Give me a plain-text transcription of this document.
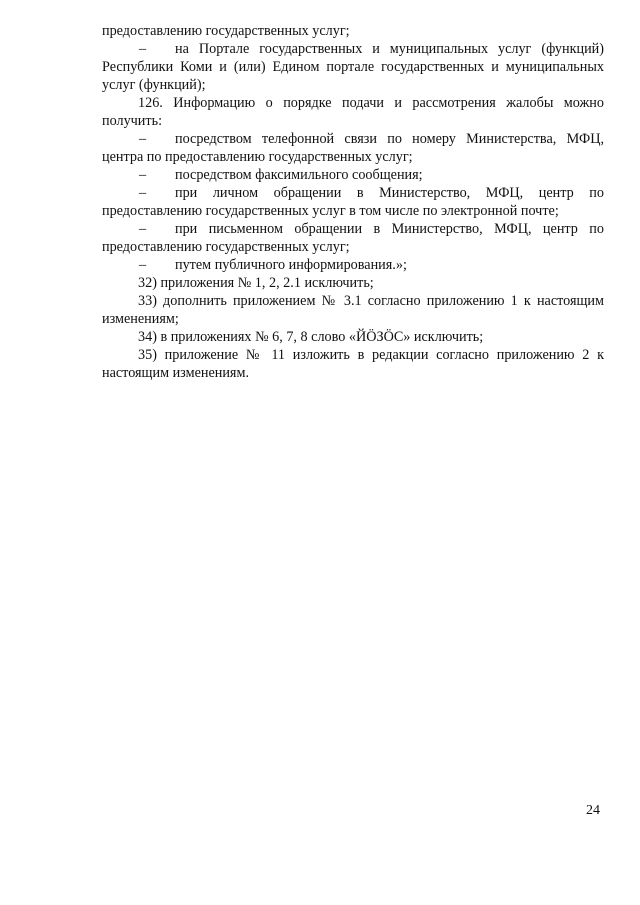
предоставлению государственных услуг;

– на Порталe государственных и муниципальных услуг (функций) Республики Коми и (или) Едином портале государственных и муниципальных услуг (функций);

126. Информацию о порядке подачи и рассмотрения жалобы можно получить:

– посредством телефонной связи по номеру Министерства, МФЦ, центра по предоставлению государственных услуг;

– посредством факсимильного сообщения;

– при личном обращении в Министерство, МФЦ, центр по предоставлению государственных услуг в том числе по электронной почте;

– при письменном обращении в Министерство, МФЦ, центр по предоставлению государственных услуг;

– путем публичного информирования.»;

32) приложения № 1, 2, 2.1 исключить;

33) дополнить приложением № 3.1 согласно приложению 1 к настоящим изменениям;

34) в приложениях № 6, 7, 8 слово «ЙÖЗÖС» исключить;

35) приложение № 11 изложить в редакции согласно приложению 2 к настоящим изменениям.

24
